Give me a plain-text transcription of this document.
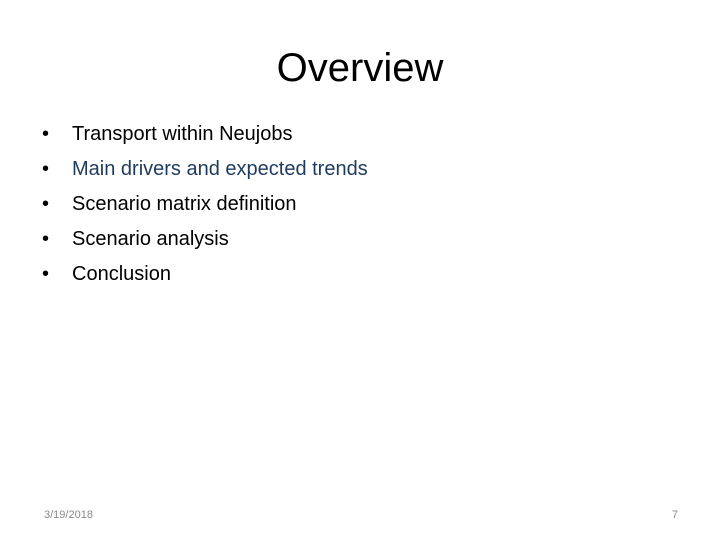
Overview
•	Transport within Neujobs
•	Main drivers and expected trends
•	Scenario matrix definition
•	Scenario analysis
•	Conclusion
3/19/2018	7
